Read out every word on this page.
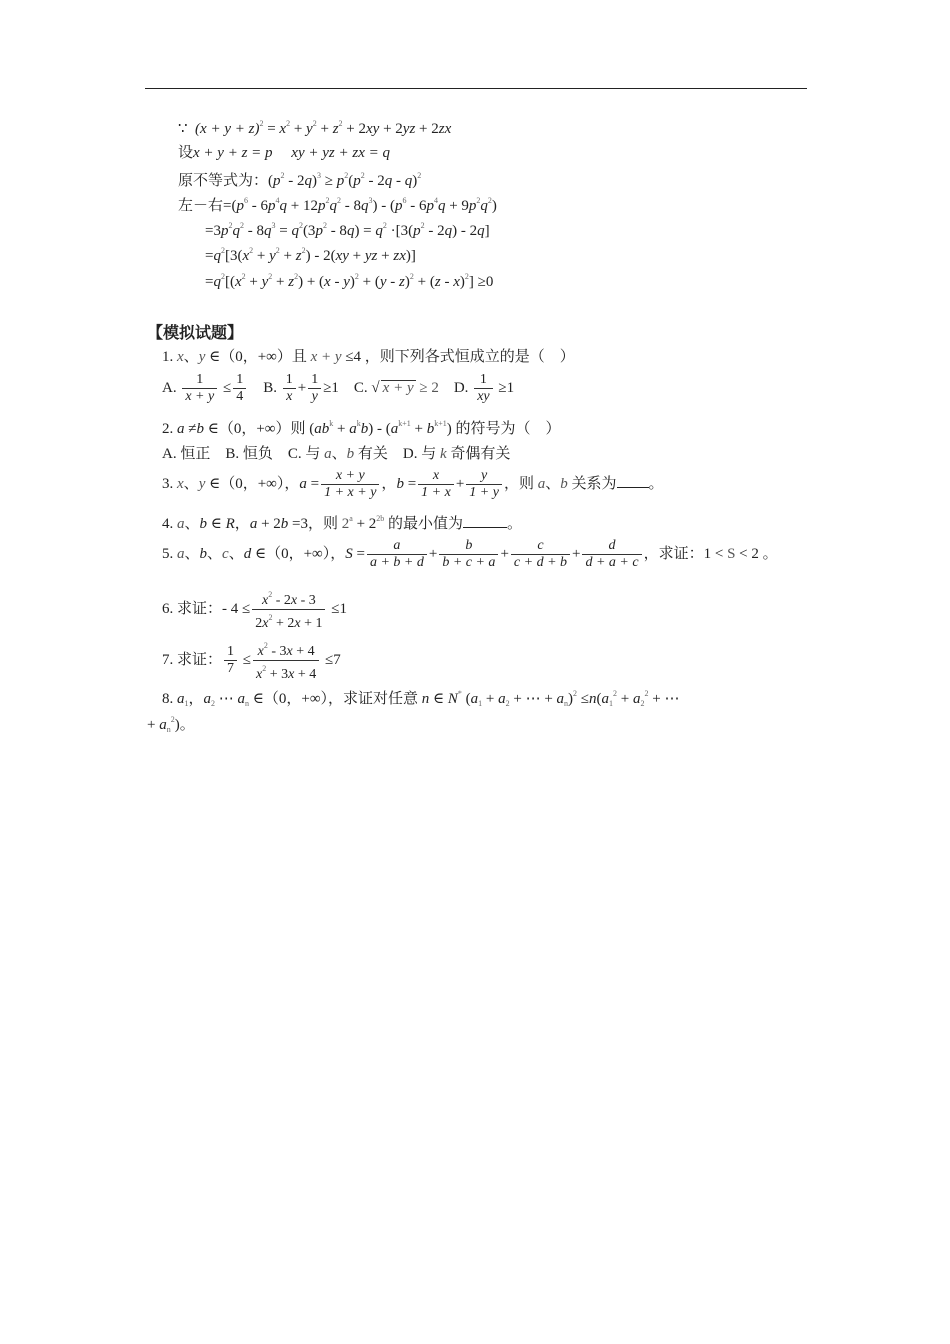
∵ $(x + y + z)^2 = x^2 + y^2 + z^2 + 2xy + 2yz + 2zx$
设x + y + z = p xy + yz + zx = q
原不等式为：$(p^2 - 2q)^3 \ge p^2(p^2 - 2q - q)^2$
左－右$=(p^6 - 6p^4q + 12p^2q^2 - 8q^3) - (p^6 - 6p^4q + 9p^2q^2)$
$=3p^2q^2 - 8q^3 = q^2(3p^2 - 8q) = q^2 \cdot[3(p^2 - 2q) - 2q]$
$=q^2[3(x^2 + y^2 + z^2) - 2(xy$ + yz + zx)]
$=q^2[(x^2 + y^2 + z^2) + (x - y)^2 + (y - z)^2 + (z - x)^2] \ge 0$
【模拟试题】
1. x、y ∈（0，+∞）且 x + y ≤4 ，则下列各式恒成立的是（　）
A. $\frac{1}{x + y} \le \frac{1}{4} B$. $\frac{1}{x} + \frac{1}{y} \ge 1$    C. √ x + y ≥ 2    D. $\frac{1}{xy} \ge 1$
2. a ≠b ∈（0，+∞）则 $(ab^k + a^kb) - (a^{k+1} + b^{k+1})$ 的符号为（　）
A. 恒正　B. 恒负　C. 与 a、b 有关　D. 与 k 奇偶有关
3. x、y ∈（0，+∞），$a = \frac{x + y}{1 + x + y}$ ，$b = \frac{x}{1 + x} + \frac{y}{1 + y}$ ，则 a、b 关系为 。
4. a、b ∈ R，a + 2b =3，则 $2^a + 2^{2b}$ 的最小值为	。
5. a、b、c、d ∈（0，+∞），$S = \frac{a}{a + b + d} + \frac{b}{b + c + a} + \frac{c}{c + d + b} + \frac{d}{d + a + c}$ ，求证：1 < S < 2 。
6. 求证：- $4 \le \frac{x^2 - 2x - 3}{2x^2 + 2x + 1} \le 1$
7. 求证： $\frac{1}{7} \le \frac{x^2 - 3x + 4}{x^2 + 3x + 4} \le 7$
8. $a_1$，$a_2$ ⋯ $a_n$ ∈（0，+∞），求证对任意 n ∈ N* ($a_1 + a_2$ + ⋯ + $a_n)^2 \le n(a_1^2 + a_2^2$ + ⋯
+ $a_n^2$)。
